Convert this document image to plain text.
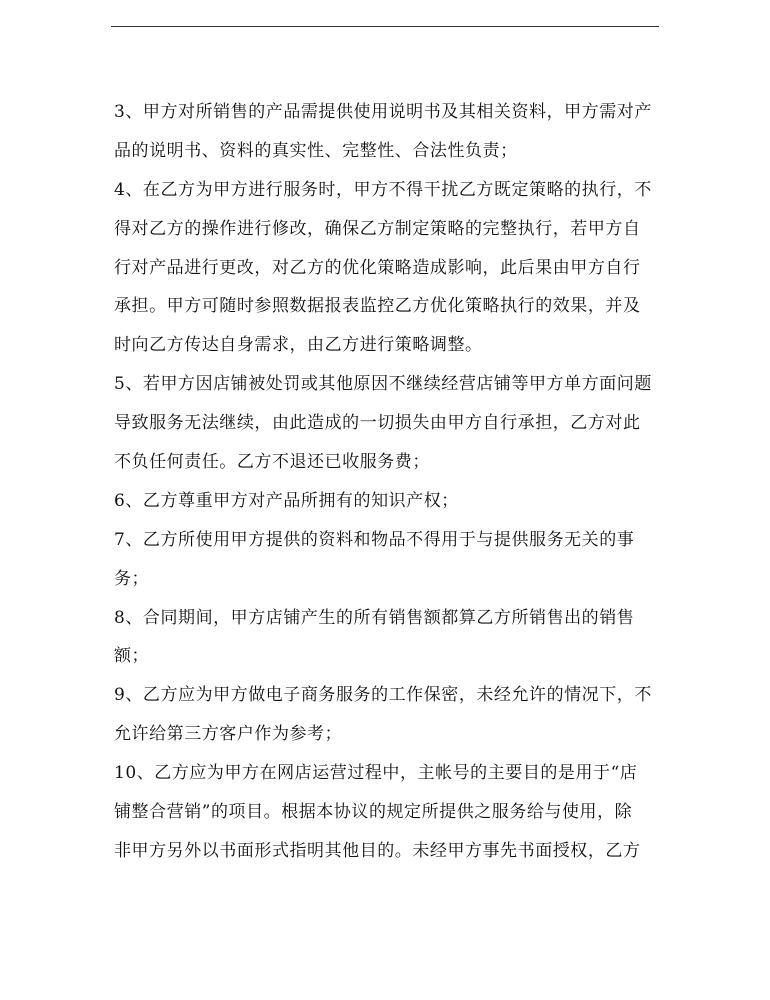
3、甲方对所销售的产品需提供使用说明书及其相关资料，甲方需对产
品的说明书、资料的真实性、完整性、合法性负责；
4、在乙方为甲方进行服务时，甲方不得干扰乙方既定策略的执行，不
得对乙方的操作进行修改，确保乙方制定策略的完整执行，若甲方自
行对产品进行更改，对乙方的优化策略造成影响，此后果由甲方自行
承担。甲方可随时参照数据报表监控乙方优化策略执行的效果，并及
时向乙方传达自身需求，由乙方进行策略调整。
5、若甲方因店铺被处罚或其他原因不继续经营店铺等甲方单方面问题
导致服务无法继续，由此造成的一切损失由甲方自行承担，乙方对此
不负任何责任。乙方不退还已收服务费；
6、乙方尊重甲方对产品所拥有的知识产权；
7、乙方所使用甲方提供的资料和物品不得用于与提供服务无关的事
务；
8、合同期间，甲方店铺产生的所有销售额都算乙方所销售出的销售
额；
9、乙方应为甲方做电子商务服务的工作保密，未经允许的情况下，不
允许给第三方客户作为参考；
10、乙方应为甲方在网店运营过程中，主帐号的主要目的是用于“店
铺整合营销”的项目。根据本协议的规定所提供之服务给与使用，除
非甲方另外以书面形式指明其他目的。未经甲方事先书面授权，乙方
